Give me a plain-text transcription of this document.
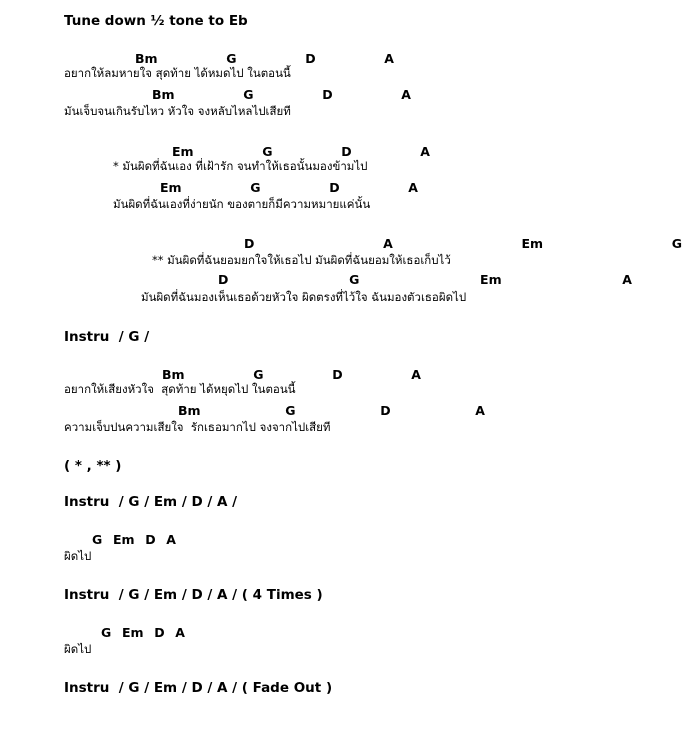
Tune down ½ tone to Eb
Bm  G  D  A
อยากให้ลมหายใจ สุดท้าย ได้หมดไป ในตอนนี้
Bm  G  D  A
มันเจ็บจนเกินรับไหว หัวใจ จงหลับไหลไปเสียที
Em  G  D  A
* มันผิดที่ฉันเอง ที่เฝ้ารัก จนทำให้เธอนั้นมองข้ามไป
Em  G  D  A
มันผิดที่ฉันเองที่ง่ายนัก ของตายก็มีความหมายแค่นั้น
D  A  Em  G
** มันผิดที่ฉันยอมยกใจให้เธอไป มันผิดที่ฉันยอมให้เธอเก็บไว้
D  G  Em  A
มันผิดที่ฉันมองเห็นเธอด้วยหัวใจ ผิดตรงที่ไว้ใจ ฉันมองตัวเธอผิดไป
Instru  / G /
Bm  G  D  A
อยากให้เสียงหัวใจ  สุดท้าย ได้หยุดไป ในตอนนี้
Bm  G  D  A
ความเจ็บปนความเสียใจ  รักเธอมากไป จงจากไปเสียที
( * , ** )
Instru  / G / Em / D / A /
G  Em  D  A
ผิดไป
Instru  / G / Em / D / A / ( 4 Times )
G  Em  D  A
ผิดไป
Instru  / G / Em / D / A / ( Fade Out )
